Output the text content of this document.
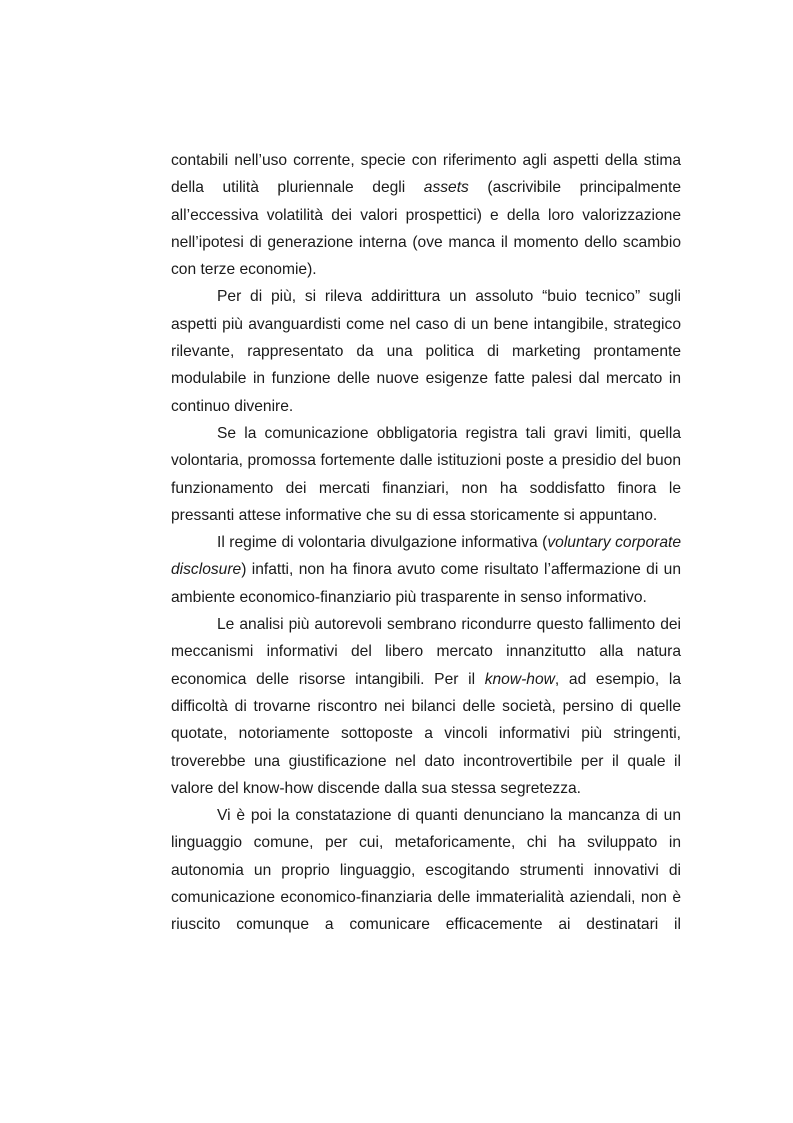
contabili nell’uso corrente, specie con riferimento agli aspetti della stima della utilità pluriennale degli assets (ascrivibile principalmente all’eccessiva volatilità dei valori prospettici) e della loro valorizzazione nell’ipotesi di generazione interna (ove manca il momento dello scambio con terze economie).

Per di più, si rileva addirittura un assoluto “buio tecnico” sugli aspetti più avanguardisti come nel caso di un bene intangibile, strategico rilevante, rappresentato da una politica di marketing prontamente modulabile in funzione delle nuove esigenze fatte palesi dal mercato in continuo divenire.

Se la comunicazione obbligatoria registra tali gravi limiti, quella volontaria, promossa fortemente dalle istituzioni poste a presidio del buon funzionamento dei mercati finanziari, non ha soddisfatto finora le pressanti attese informative che su di essa storicamente si appuntano.

Il regime di volontaria divulgazione informativa (voluntary corporate disclosure) infatti, non ha finora avuto come risultato l’affermazione di un ambiente economico-finanziario più trasparente in senso informativo.

Le analisi più autorevoli sembrano ricondurre questo fallimento dei meccanismi informativi del libero mercato innanzitutto alla natura economica delle risorse intangibili. Per il know-how, ad esempio, la difficoltà di trovarne riscontro nei bilanci delle società, persino di quelle quotate, notoriamente sottoposte a vincoli informativi più stringenti, troverebbe una giustificazione nel dato incontrovertibile per il quale il valore del know-how discende dalla sua stessa segretezza.

Vi è poi la constatazione di quanti denunciano la mancanza di un linguaggio comune, per cui, metaforicamente, chi ha sviluppato in autonomia un proprio linguaggio, escogitando strumenti innovativi di comunicazione economico-finanziaria delle immaterialità aziendali, non è riuscito comunque a comunicare efficacemente ai destinatari il
